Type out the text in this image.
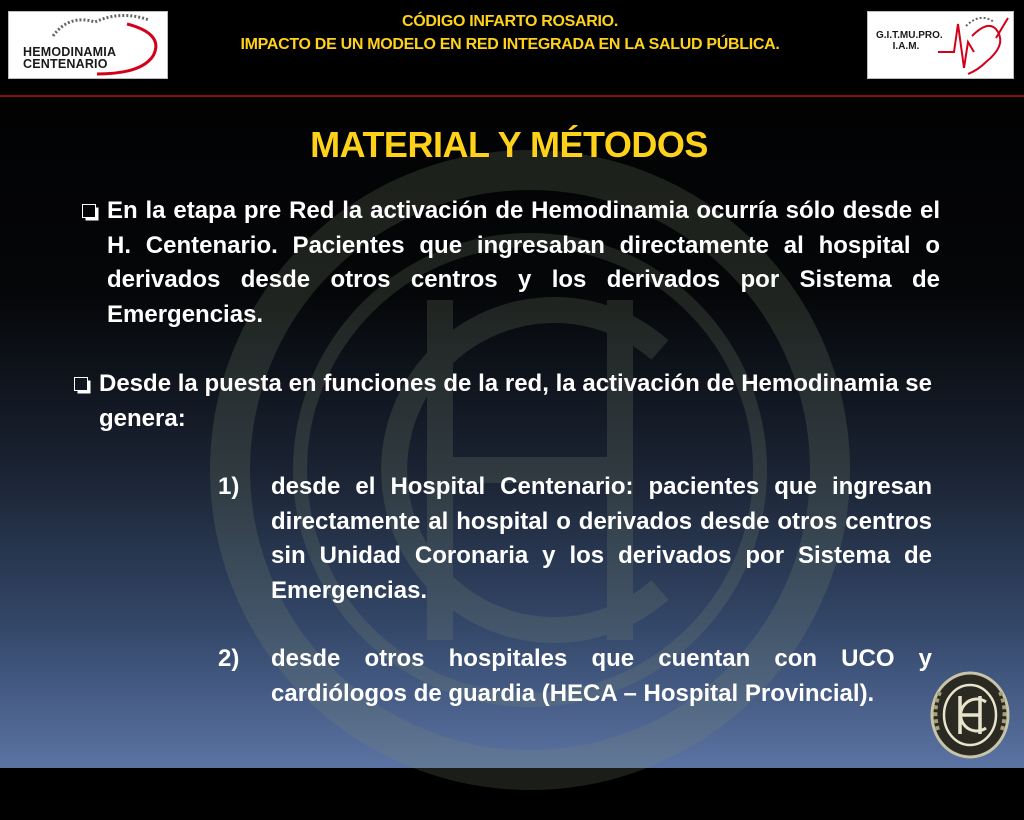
HEMODINAMIA
CENTENARIO
CÓDIGO INFARTO ROSARIO.
IMPACTO DE UN MODELO EN RED INTEGRADA EN LA SALUD PÚBLICA.
G.I.T.MU.PRO.
I.A.M.
MATERIAL Y MÉTODOS
En la etapa pre Red la activación de Hemodinamia ocurría sólo desde el H. Centenario. Pacientes que ingresaban directamente al hospital o derivados desde otros centros y los derivados por Sistema de Emergencias.
Desde la puesta en funciones de la red, la activación de Hemodinamia se genera:
1) desde el Hospital Centenario: pacientes que ingresan directamente al hospital o derivados desde otros centros sin Unidad Coronaria y los derivados por Sistema de Emergencias.
2) desde otros hospitales que cuentan con UCO y cardiólogos de guardia (HECA – Hospital Provincial).
